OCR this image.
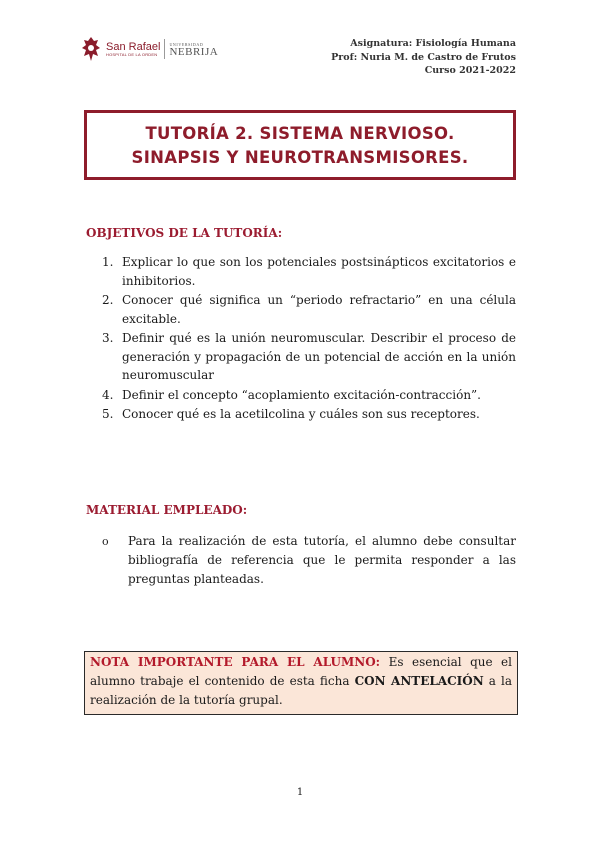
San Rafael
HOSPITAL DE LA ORDEN
UNIVERSIDAD
NEBRIJA
Asignatura: Fisiología Humana
Prof: Nuria M. de Castro de Frutos
Curso 2021-2022
TUTORÍA 2. SISTEMA NERVIOSO.
SINAPSIS Y NEUROTRANSMISORES.
OBJETIVOS DE LA TUTORÍA:
1. Explicar lo que son los potenciales postsinápticos excitatorios e inhibitorios.
2. Conocer qué significa un “periodo refractario” en una célula excitable.
3. Definir qué es la unión neuromuscular. Describir el proceso de generación y propagación de un potencial de acción en la unión neuromuscular
4. Definir el concepto “acoplamiento excitación-contracción”.
5. Conocer qué es la acetilcolina y cuáles son sus receptores.
MATERIAL EMPLEADO:
o	Para la realización de esta tutoría, el alumno debe consultar bibliografía de referencia que le permita responder a las preguntas planteadas.
NOTA IMPORTANTE PARA EL ALUMNO: Es esencial que el alumno trabaje el contenido de esta ficha CON ANTELACIÓN a la realización de la tutoría grupal.
1
